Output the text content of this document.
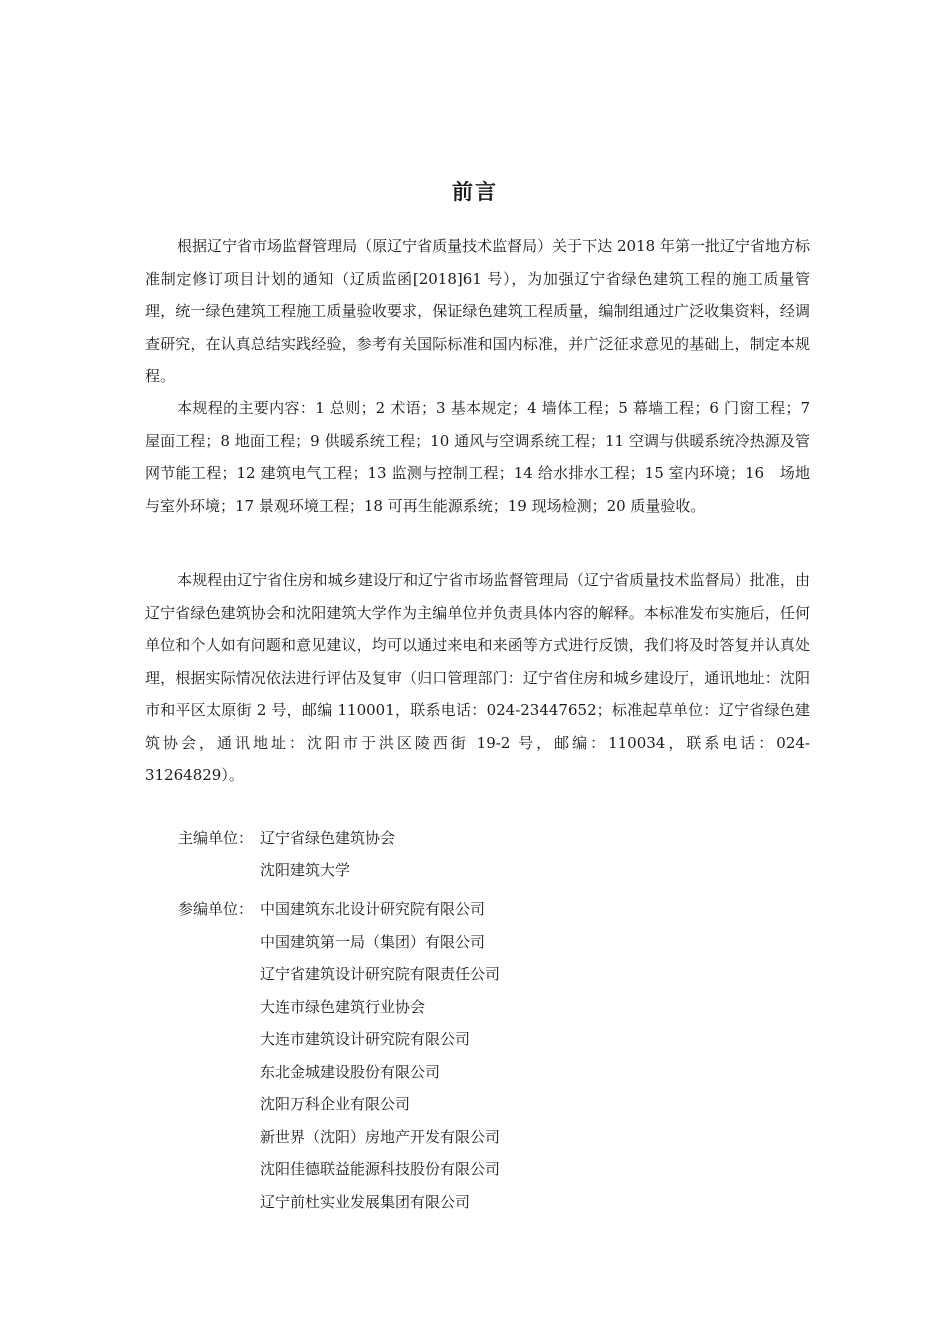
前言

根据辽宁省市场监督管理局（原辽宁省质量技术监督局）关于下达 2018 年第一批辽宁省地方标准制定修订项目计划的通知（辽质监函[2018]61 号），为加强辽宁省绿色建筑工程的施工质量管理，统一绿色建筑工程施工质量验收要求，保证绿色建筑工程质量，编制组通过广泛收集资料，经调查研究，在认真总结实践经验，参考有关国际标准和国内标准，并广泛征求意见的基础上，制定本规程。

本规程的主要内容：1 总则；2 术语；3 基本规定；4 墙体工程；5 幕墙工程；6 门窗工程；7 屋面工程；8 地面工程；9 供暖系统工程；10 通风与空调系统工程；11 空调与供暖系统冷热源及管网节能工程；12 建筑电气工程；13 监测与控制工程；14 给水排水工程；15 室内环境；16　场地与室外环境；17 景观环境工程；18 可再生能源系统；19 现场检测；20 质量验收。

本规程由辽宁省住房和城乡建设厅和辽宁省市场监督管理局（辽宁省质量技术监督局）批准，由辽宁省绿色建筑协会和沈阳建筑大学作为主编单位并负责具体内容的解释。本标准发布实施后，任何单位和个人如有问题和意见建议，均可以通过来电和来函等方式进行反馈，我们将及时答复并认真处理，根据实际情况依法进行评估及复审（归口管理部门：辽宁省住房和城乡建设厅，通讯地址：沈阳市和平区太原街 2 号，邮编 110001，联系电话：024-23447652；标准起草单位：辽宁省绿色建筑协会，通讯地址：沈阳市于洪区陵西街 19-2 号，邮编：110034，联系电话：024-31264829）。

主编单位： 辽宁省绿色建筑协会
沈阳建筑大学
参编单位： 中国建筑东北设计研究院有限公司
中国建筑第一局（集团）有限公司
辽宁省建筑设计研究院有限责任公司
大连市绿色建筑行业协会
大连市建筑设计研究院有限公司
东北金城建设股份有限公司
沈阳万科企业有限公司
新世界（沈阳）房地产开发有限公司
沈阳佳德联益能源科技股份有限公司
辽宁前杜实业发展集团有限公司
